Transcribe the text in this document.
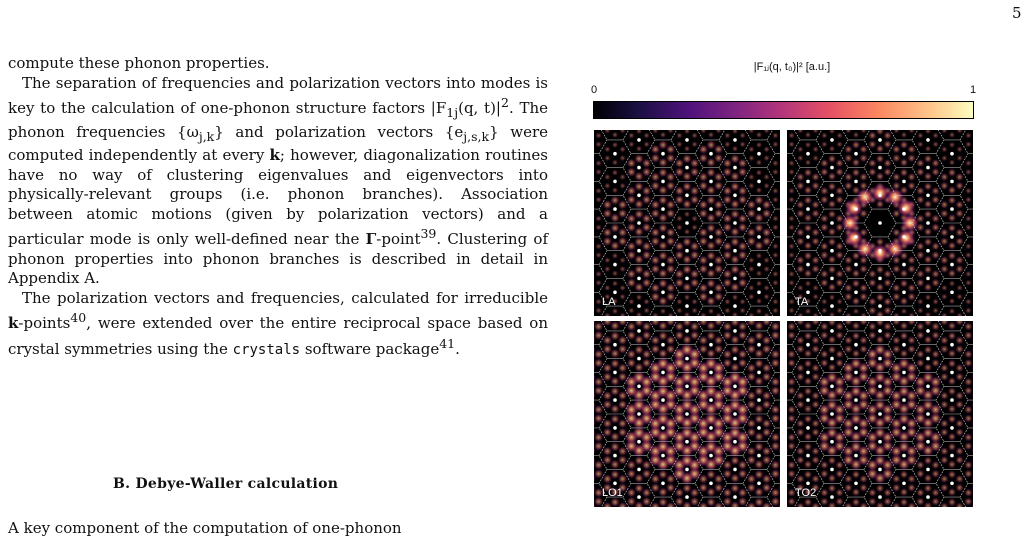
5

compute these phonon properties.

The separation of frequencies and polarization vectors into modes is key to the calculation of one-phonon structure factors $|F_{1j}(q$, $t)|^2$. The phonon frequencies $\{\omega_{j,k}\}$ and polarization vectors $\{e_{j,s,k}\}$ were computed independently at every k; however, diagonalization routines have no way of clustering eigenvalues and eigenvectors into physically-relevant groups (i.e. phonon branches). Association between atomic motions (given by polarization vectors) and a particular mode is only well-defined near the Γ-point$^{39}$. Clustering of phonon properties into phonon branches is described in detail in Appendix A.

The polarization vectors and frequencies, calculated for irreducible k-points$^{40}$, were extended over the entire reciprocal space based on crystal symmetries using the crystals software package$^{41}$.

B. Debye-Waller calculation
A key component of the computation of one-phonon
|F₁ⱼ(q, t₀)|² [a.u.]
0	1
LA	TA
LO1	TO2
